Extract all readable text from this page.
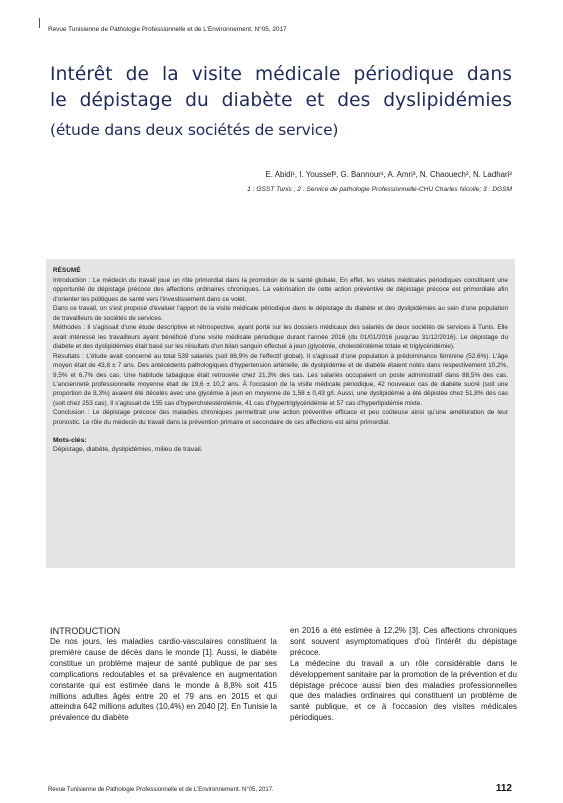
Revue Tunisienne de Pathologie Professionnelle et de L'Environnement. N°05, 2017
Intérêt de la visite médicale périodique dans
le dépistage du diabète et des dyslipidémies
(étude dans deux sociétés de service)
E. Abidi¹, I. Youssef², G. Bannour¹, A. Amri³, N. Chaouech², N. Ladhari²
1 : GSST Tunis ; 2 : Service de pathologie Professionnelle-CHU Charles Nicolle; 3 : DGSM
RÉSUMÉ

Introduction : Le médecin du travail joue un rôle primordial dans la promotion de la santé globale. En effet, les visites médicales périodiques constituent une opportunité de dépistage précoce des affections ordinaires chroniques. La valorisation de cette action préventive de dépistage précoce est primordiale afin d'orienter les politiques de santé vers l'investissement dans ce volet.

Dans ce travail, on s'est proposé d'évaluer l'apport de la visite médicale périodique dans le dépistage du diabète et des dyslipidémies au sein d'une population de travailleurs de sociétés de services.

Méthodes : Il s'agissait d'une étude descriptive et rétrospective, ayant porté sur les dossiers médicaux des salariés de deux sociétés de services à Tunis. Elle avait intéressé les travailleurs ayant bénéficié d'une visite médicale périodique durant l'année 2016 (du 01/01/2016 jusqu'au 31/12/2016). Le dépistage du diabète et des dyslipidémies était basé sur les résultats d'un bilan sanguin effectué à jeun (glycémie, cholestérolémie totale et triglycéridémie).

Résultats : L'étude avait concerné au total 539 salariés (soit 86,9% de l'effectif global). Il s'agissait d'une population à prédominance féminine (52,6%). L'âge moyen était de 43,8 ± 7 ans. Des antécédents pathologiques d'hypertension artérielle, de dyslipidémie et de diabète étaient notés dans respectivement 10,2%, 9,5% et 6,7% des cas. Une habitude tabagique était retrouvée chez 21,3% des cas. Les salariés occupaient un poste administratif dans 88,5% des cas. L'ancienneté professionnelle moyenne était de 19,6 ± 10,2 ans. À l'occasion de la visite médicale périodique, 42 nouveaux cas de diabète sucré (soit une proportion de 8,3%) avaient été décelés avec une glycémie à jeun en moyenne de 1,58 ± 0,43 g/l. Aussi, une dyslipidémie a été dépistée chez 51,8% des cas (soit chez 253 cas). Il s'agissait de 155 cas d'hypercholestérolémie, 41 cas d'hypertriglycéridémie et 57 cas d'hyperlipidémie mixte.

Conclusion : Le dépistage précoce des maladies chroniques permettrait une action préventive efficace et peu coûteuse ainsi qu'une amélioration de leur pronostic. Le rôle du médecin du travail dans la prévention primaire et secondaire de ces affections est ainsi primordial.

Mots-clés:
Dépistage, diabète, dyslipidémies, milieu de travail.
INTRODUCTION

De nos jours, les maladies cardio-vasculaires constituent la première cause de décès dans le monde [1]. Aussi, le diabète constitue un problème majeur de santé publique de par ses complications redoutables et sa prévalence en augmentation constante qui est estimée dans le monde à 8,8% soit 415 millions adultes âgés entre 20 et 79 ans en 2015 et qui atteindra 642 millions adultes (10,4%) en 2040 [2]. En Tunisie la prévalence du diabète

en 2016 a été estimée à 12,2% [3]. Ces affections chroniques sont souvent asymptomatiques d'où l'intérêt du dépistage précoce.

La médecine du travail a un rôle considérable dans le développement sanitaire par la promotion de la prévention et du dépistage précoce aussi bien des maladies professionnelles que des maladies ordinaires qui constituent un problème de santé publique, et ce à l'occasion des visites médicales périodiques.

Revue Tunisienne de Pathologie Professionnelle et de L'Environnement. N°05, 2017.	112
